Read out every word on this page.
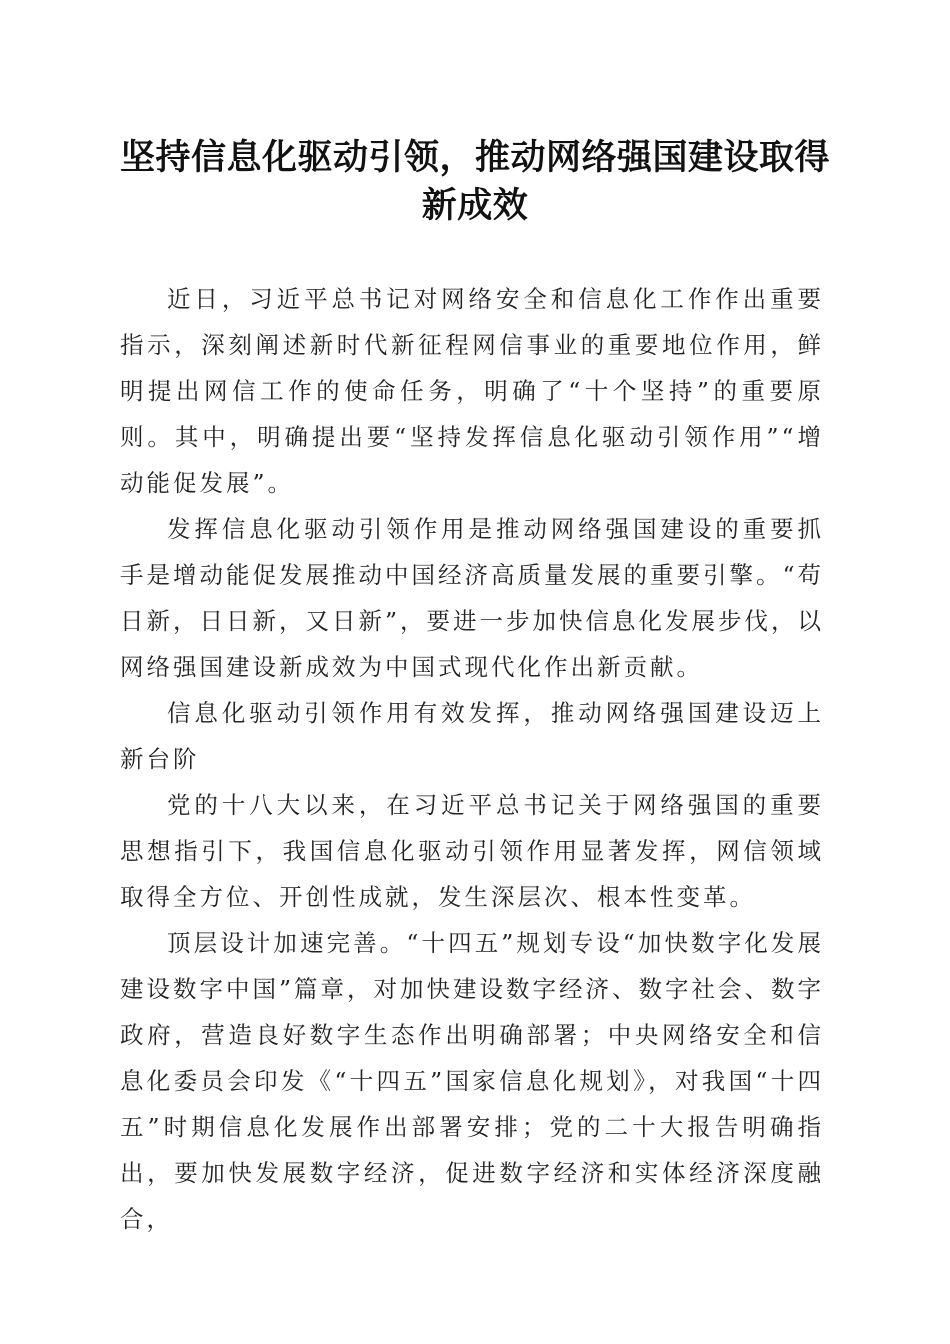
坚持信息化驱动引领，推动网络强国建设取得新成效

近日，习近平总书记对网络安全和信息化工作作出重要指示，深刻阐述新时代新征程网信事业的重要地位作用，鲜明提出网信工作的使命任务，明确了“十个坚持”的重要原则。其中，明确提出要“坚持发挥信息化驱动引领作用”“增动能促发展”。

发挥信息化驱动引领作用是推动网络强国建设的重要抓手是增动能促发展推动中国经济高质量发展的重要引擎。“苟日新，日日新，又日新”，要进一步加快信息化发展步伐，以网络强国建设新成效为中国式现代化作出新贡献。

信息化驱动引领作用有效发挥，推动网络强国建设迈上新台阶

党的十八大以来，在习近平总书记关于网络强国的重要思想指引下，我国信息化驱动引领作用显著发挥，网信领域取得全方位、开创性成就，发生深层次、根本性变革。

顶层设计加速完善。“十四五”规划专设“加快数字化发展建设数字中国”篇章，对加快建设数字经济、数字社会、数字政府，营造良好数字生态作出明确部署；中央网络安全和信息化委员会印发《“十四五”国家信息化规划》，对我国“十四五”时期信息化发展作出部署安排；党的二十大报告明确指出，要加快发展数字经济，促进数字经济和实体经济深度融合，
